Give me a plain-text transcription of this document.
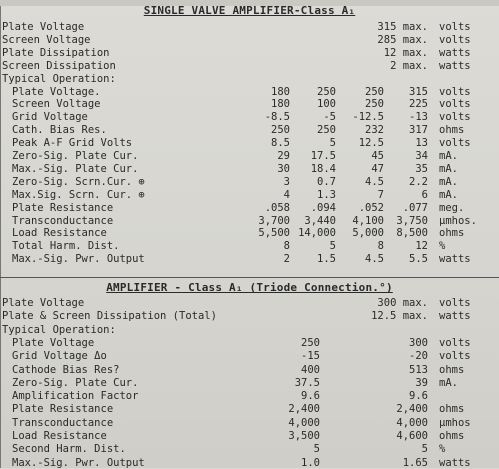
SINGLE VALVE AMPLIFIER-Class A₁
Plate Voltage	315 max. volts
Screen Voltage	285 max. volts
Plate Dissipation	12 max. watts
Screen Dissipation	2 max. watts
Typical Operation:
Plate Voltage.	180	250	250	315 volts
Screen Voltage	180	100	250	225 volts
Grid Voltage	-8.5	-5	-12.5	-13 volts
Cath. Bias Res.	250	250	232	317 ohms
Peak A-F Grid Volts	8.5	5	12.5	13 volts
Zero-Sig. Plate Cur.	29	17.5	45	34 mA.
Max.-Sig. Plate Cur.	30	18.4	47	35 mA.
Zero-Sig. Scrn.Cur. ⊕	3	0.7	4.5	2.2 mA.
Max.Sig. Scrn. Cur. ⊕	4	1.3	7	6 mA.
Plate Resistance	.058	.094	.052	.077 meg.
Transconductance	3,700	3,440	4,100	3,750 µmhos.
Load Resistance	5,500 14,000	5,000	8,500 ohms
Total Harm. Dist.	8	5	8	12 %
Max.-Sig. Pwr. Output	2	1.5	4.5	5.5 watts
AMPLIFIER - Class A₁ (Triode Connection.°)
Plate Voltage	300 max. volts
Plate & Screen Dissipation (Total)	12.5 max. watts
Typical Operation:
Plate Voltage	250	300 volts
Grid Voltage Δo	-15	-20 volts
Cathode Bias Res?	400	513 ohms
Zero-Sig. Plate Cur.	37.5	39 mA.
Amplification Factor	9.6	9.6
Plate Resistance	2,400	2,400 ohms
Transconductance	4,000	4,000 µmhos
Load Resistance	3,500	4,600 ohms
Second Harm. Dist.	5	5 %
Max.-Sig. Pwr. Output	1.0	1.65 watts
